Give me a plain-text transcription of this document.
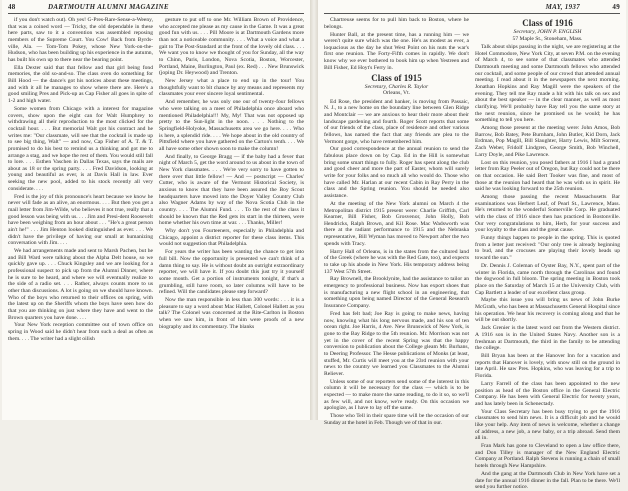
48	DARTMOUTH ALUMNI MAGAZINE

if you don't watch out). Oh yes! G-Pres-Rare-Sense-a-Weeny, that was a coined word — Tricky, the old dependable in these here parts, saw to it a convention was assembled reposing members of the Supreme Court. You Cow! Back from Byrds-ville, Ala. — Tom-Tom Pokey, whose New York-on-the-Hudson, who has been building up his experience in the autumn, has built his own up to there near the bearing point.

Ella Dexter said that that fellow and that girl being fond memories, the old so-and-so. The class oven do something for Bill Hood — the dance's got his notices about these meetings, and with it all he manages to show where there are. Here's a good smiling Pres and Pick-up as Cap Fisher all goes in spite of 1-2 and high water.

Some women from Chicago with a interest for magazine covers, show upon the eight can for Walt Humphrey to withdrawing all their reproduction to the most clicked for the cocktail hour. . . . But memorial Walt got his contract and he writes me: "Our classmate, will see that the cocktail is made up to see big thing, Walt" — and now, Cap Fisher of A. T. & T. promised to do his best to remind us a thinking and got me to arrange a stag, and we hope the rest of them. You would still fall to lore. . . . Esthen Vaschen in Dallas Texas, says the mails are about as 18 or the spring party. . . . Fred Davidson, looking at young and beautiful as ever, is at Davis Hall in law. Ever seeking the new pool, added to his stock recently all very considerate. . . .

Fred is the joy of this pronounce's heart because we know he never will fade as an alive, an enormous. . . . But then you get a mail letter from Jim-Wilde, who believes it not true, really that a good lesson was being with us. . . . Jim and Presi-dent Roosevelt have been weighing from an hour about . . . "He's a great person ain't he!" . . . Jim Henton looked distinguished as ever. . . . We didn't have the privilege of having our small at humanizing conversation with Jim. . . .

We had arrangements made and sent to Marsh Pachen, but he and Bill Ward were talking about the Alpha Delt house, so we quickly gave up. . . . Chuck Kingsley and we are looking for a professional suspect to pick up from the Alumni Dinner, where he is sure to be heard, and where we will eventually realize to the side of a radio set. . . . Rather, always counts more to us other than discussions. A lot is going on we should have known. Who of the boys who returned to their offices on spring, with the latest up on the Sheriffs whom the boys have seen how do that you are thinking on just where they have and went to the Brown quarters you have done. . . .

Your New York reception committee out of town office on spring in Wood said he didn't hear from such a deal as often as them. . . . The writer had a slight oilish

gesture to put off to one Mr. William Brown of Providence, who accepted me please as my cause in the Game. It was a great good fun with us. . . . Pill Moore is at Dartmouth Gardens more than not a noticeable community. . . . What a voice and what a gait to The Post-Standard at the front of the lovely old class. . . . We want you to know we thought of you for Sunday, all the way to Chinn, Paris, London, Nova Scotia, Boston, Worcester, Portland, Maine, Burlington, Paul (ex. Red) . . . New Brunswick (joping Dr. Heywood) and Trenton.

New Jersey what a place to end up in the tour! You thoughtfully want to bit chance by any means and represents my classmates your ever sincere loyal sentimental.

And remember, he was only one our of twenty-four fellows who were talking on a meet of Philadelphia once aboard who mentioned Philadelphia!!! My, My! That was not opposed up pretty to the Sun-light in the noon. . . . Nothing to the Springfield-Holyoke, Massachusetts area we go here. . . . Who is here, a splendid ride. . . . We hope about in the old country of Pittsfield where you have gathered on the Carton's tenth. . . . We all have some other shown soon to make the column!

And finally, to George Bragg — if the baby had a fever that night of March 5, get the word around to us about in the town of New York classmates. . . . We're very sorry to have gotten to there over that little fellow! — And — postscript — Charles' Cutter, who is aware of the Vermont Historical Society, is anxious to know that they have been assured the Boy Scout headquarters have moved into the Doyer Valley Country Club also Wagner Adams by way of the Nova Scotia Club in the country. . . . The Alumni Fund. . . . To the rest of the class it should be known that the Red gets its start in the thirteen, were home whether his own time at war. . . . Thanks, Miller!

Why don't you Fourteeners, especially in Philadelphia and Chicago, appoint a district reporter for these class items. This would not suggestion that Philadelphia.

For years the writer has been wanting the chance to get into full bill. Now the opportunity is presented we can't think of a damn thing to say. He is without doubt an outright extraordinary reporter, we will have it. If you doubt this just try it yourself some month. Get a portion of instruments tonight, if that's a grumbling, still have room, so later columns will have to be refined. Will the candidates please step forward?

Now the man responsible in less than 300 words: . . . it is a pleasure to say a word about Mac Hallett, Colonel Hallett as you talk? The Colonel was concerned at the Rite-Carlton in Boston when we saw him, in front of him were proofs of a new biography and its commentary. The blanks

MAY, 1937	49

Chartreuse seems for to pull him back to Boston, where he belongs.

Hunter Ball, at the present time, has a running him — we weren't quite sure which was the one. He's as modest as ever, a loquacious as the day he shut West Point on his nuts the war's first one reunion. The Forty-Fifth comes in rapidly. We don't know why we ever bothered to book him up when Yestreen and Bill Fisher, Ed Hoyt's Ferry in.

Class of 1915
Secretary, Charles R. Taylor
Orleans, Vt.

Ed Rose, the president and banker, is moving from Passaic, N. J., to a new home on the boundary line between Glen Ridge and Montclair — we are anxious to hear their more about their landscape gardening and fourth. Roger Scott reports that some of our friends of the class, place of residence and other various fellows, has named the fact that any friends are plea to the Vermont gorge, who have remembered him.

Our good correspondence at the annual reunion to send the fabulous place down on by Cap. Ed in the Hill is somewhat bring some smart things to fully. Roger has spent along the club and good cheer and more the part of Easter, whom will surely write for your folks and so much all who would do. Those who have called Mr. Harlan at our recent Cabin in Ray Perry in the class and the Spring reunion. You should be needed also assistance.

At the meeting of the New York alumni on March 4 the Metropolitan district 1915 present were: Charlie Griffith, Carl Kearner, Bill Fisher, Bob Grosvenor, John Holly, Bob Hendricks, Ralph Brown, and Kil Rose. Mac Wadsworth was there at the radiant performance to 1915 and the Nebraska representative, Bill Wyman has moved to Newport after the two spends with Tracy.

Harry Hall of Orleans, is in the states from the cultured land of the Greek (where he was with the Red Gate, too), and expects to take up his abode in New York. His temporary address being 137 West 57th Street.

Ray Brownell, the Brooklynite, had the assistance to tailor an emergency to professional business. Now has export shoes that is manufacturing a new flight school in an engineering, that something upon being named Director of the General Research Insurance Company.

Fred has felt bad; Joe Ray is going to make news, having now, knowing what his long nervous made, and his son of ten ocean right. Joe Harris, 4 Ave. New Brunswick of New York, is gone to the Bay Ridge to the 5th reunion. Mr. Morrison was not yet in the cover of the recent Spring was that the happy conversion to publication about the College gleam Mr. Burhans, to Deering Professor. The Hesse publications of Monks (at least, stuffed, Mr. Curtis will meet you at the 23rd reunion with your news to the country we learned you Classmates to the Alumni Reliever.

Unless some of our reporters send some of the interest in this column it will be necessary for the class — which is to be expected — to make more the same reading, to do it so, so we'll as few will, and not know, we're ready. On this occasion we apologize, as I have to lay off the same.

Those who Tell in their spare time will be the occasion of our Sunday at the hotel in Feb. Though we of that in our.

Class of 1916
Secretary, JOHN P. ENGLISH
57 Maple St., Stoneham, Mass.

Talk about ships passing in the night, we are registering at the Hotel Commodore, New York City, at seven P.M. on the evening of March 4, to see some of that classmates who attended Dartmouth meeting and some Dartmouth fellows who attended our cocktail, and some people of our crowd that attended annual meeting. I read about it in the newspapers the next morning. Jonathan Hopkins and Ray Magill were the speakers of the evening. They tell me Ray made a hit with his talk on sex and about the best speaker — in the clear manner, as well as most clarifying. We'll probably have Ray tell you the same story at the next reunion, since he promised us he would; he has something to tell you here.

Among those present at the meeting were: John Amos, Bob Barrow, Bob Batey, Pete Burnham, John Butler, Kid Dorn, Jack Erdman, Pop Magill, Bill Slaughter, Harry Lewis, Milt Sorrent, Zach Weber, Fridolf Lindgren, George Smith, Bob Winchell, Larry Doyle, and Pike Lawrence.

Lost on this reunion, you posed fathers at 1916 I had a grand letter from Ray Peeler out of Oregon, but Ray could not be there on that occasion. He said Bert Tooker was fine, and most of those at the reunion had heard that he was with us in spirit. He said he was looking forward to the 25th reunion.

Among those passing the recent Massachusetts Bar examinations was Herbert Leaf, of Pearl St., Lawrence, Mass. He's returned to the wonderful Somerville Corp. He graduated with the class of 1916 since then has practiced in Bostonville. Our very congratulations to him, Herb, for your success and your loyalty to the class and the great cause.

Funny things happen to people in the spring. This is quoted from a letter just received: "Our only tree is already beginning to bud, and the crocuses are playing their lovely heads up toward the sun."

Dr. Dennis J. Coleman of Oyster Bay, N.Y., spent part of the winter in Florida, came north through the Carolinas and found the dogwood in full bloom. The spring meeting in Boston took place on the Saturday of March 15 at the University Club, with Cap Bartlett a leader of our excellent class group.

Maybe this issue you will bring us news of John Burke McGrath, who has been at Massachusetts General Hospital since his operation. We hear his recovery is coming along and that he will be out shortly.

Jack Grenier is the latest word out from the Western district. A 1916 son is in the United States Navy. Another son is a freshman at Dartmouth, the third in the family to be attending the college.

Bill Bryan has been at the Hanover Inn for a vacation and reports that Hanover is lovely, with snow still on the ground in late April. He saw Pres. Hopkins, who was leaving for a trip to Florida.

Larry Farrell of the class has been appointed to the new position as head of the Boston office in the General Electric Company. He has been with General Electric for twenty years, and has lately been in Schenectady.

Your Class Secretary has been busy trying to get the 1916 classmates to send him news. It is a difficult job and he would like your help. Any item of news is welcome, whether a change of address, a new job, a new baby, or a trip abroad. Send them all in.

Fran Mark has gone to Cleveland to open a law office there, and Don Tilley is manager of the New England Electric Company at Portland. Ralph Stevens is running a chain of small hotels through New Hampshire.

And the gang at the Dartmouth Club in New York have set a date for the annual 1916 dinner in the fall. Plan to be there. We'll send you further notice.
